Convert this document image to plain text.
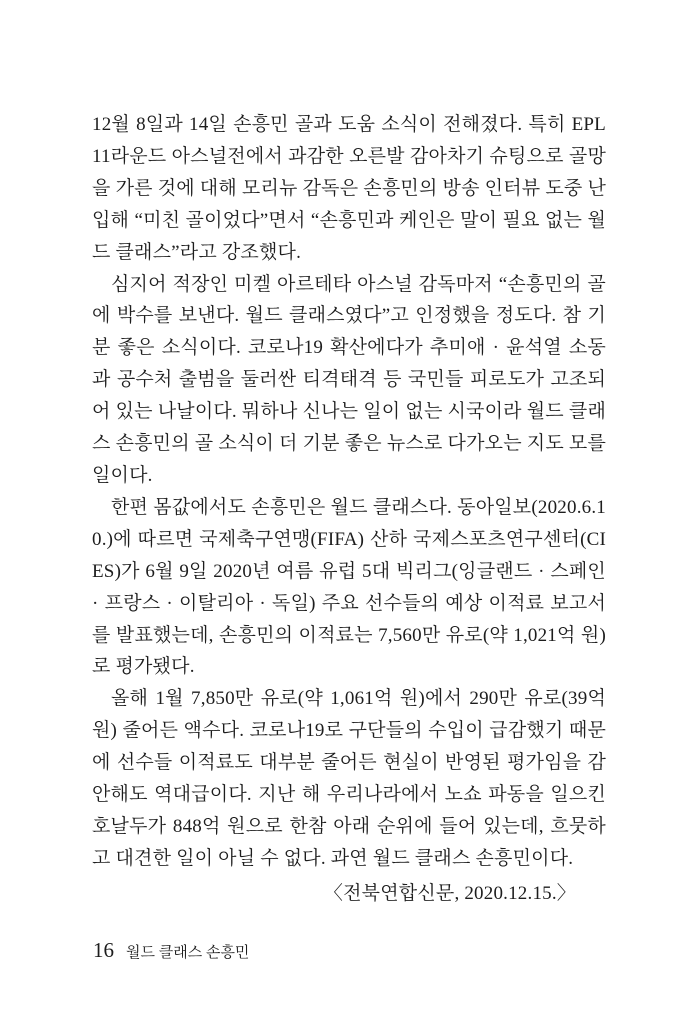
12월 8일과 14일 손흥민 골과 도움 소식이 전해졌다. 특히 EPL 11라운드 아스널전에서 과감한 오른발 감아차기 슈팅으로 골망을 가른 것에 대해 모리뉴 감독은 손흥민의 방송 인터뷰 도중 난입해 “미친 골이었다”면서 “손흥민과 케인은 말이 필요 없는 월드 클래스”라고 강조했다.

심지어 적장인 미켈 아르테타 아스널 감독마저 “손흥민의 골에 박수를 보낸다. 월드 클래스였다”고 인정했을 정도다. 참 기분 좋은 소식이다. 코로나19 확산에다가 추미애 · 윤석열 소동과 공수처 출범을 둘러싼 티격태격 등 국민들 피로도가 고조되어 있는 나날이다. 뭐하나 신나는 일이 없는 시국이라 월드 클래스 손흥민의 골 소식이 더 기분 좋은 뉴스로 다가오는 지도 모를 일이다.

한편 몸값에서도 손흥민은 월드 클래스다. 동아일보(2020.6.10.)에 따르면 국제축구연맹(FIFA) 산하 국제스포츠연구센터(CIES)가 6월 9일 2020년 여름 유럽 5대 빅리그(잉글랜드 · 스페인 · 프랑스 · 이탈리아 · 독일) 주요 선수들의 예상 이적료 보고서를 발표했는데, 손흥민의 이적료는 7,560만 유로(약 1,021억 원)로 평가됐다.

올해 1월 7,850만 유로(약 1,061억 원)에서 290만 유로(39억 원) 줄어든 액수다. 코로나19로 구단들의 수입이 급감했기 때문에 선수들 이적료도 대부분 줄어든 현실이 반영된 평가임을 감안해도 역대급이다. 지난 해 우리나라에서 노쇼 파동을 일으킨 호날두가 848억 원으로 한참 아래 순위에 들어 있는데, 흐뭇하고 대견한 일이 아닐 수 없다. 과연 월드 클래스 손흥민이다.

〈전북연합신문, 2020.12.15.〉

16 월드 클래스 손흥민
